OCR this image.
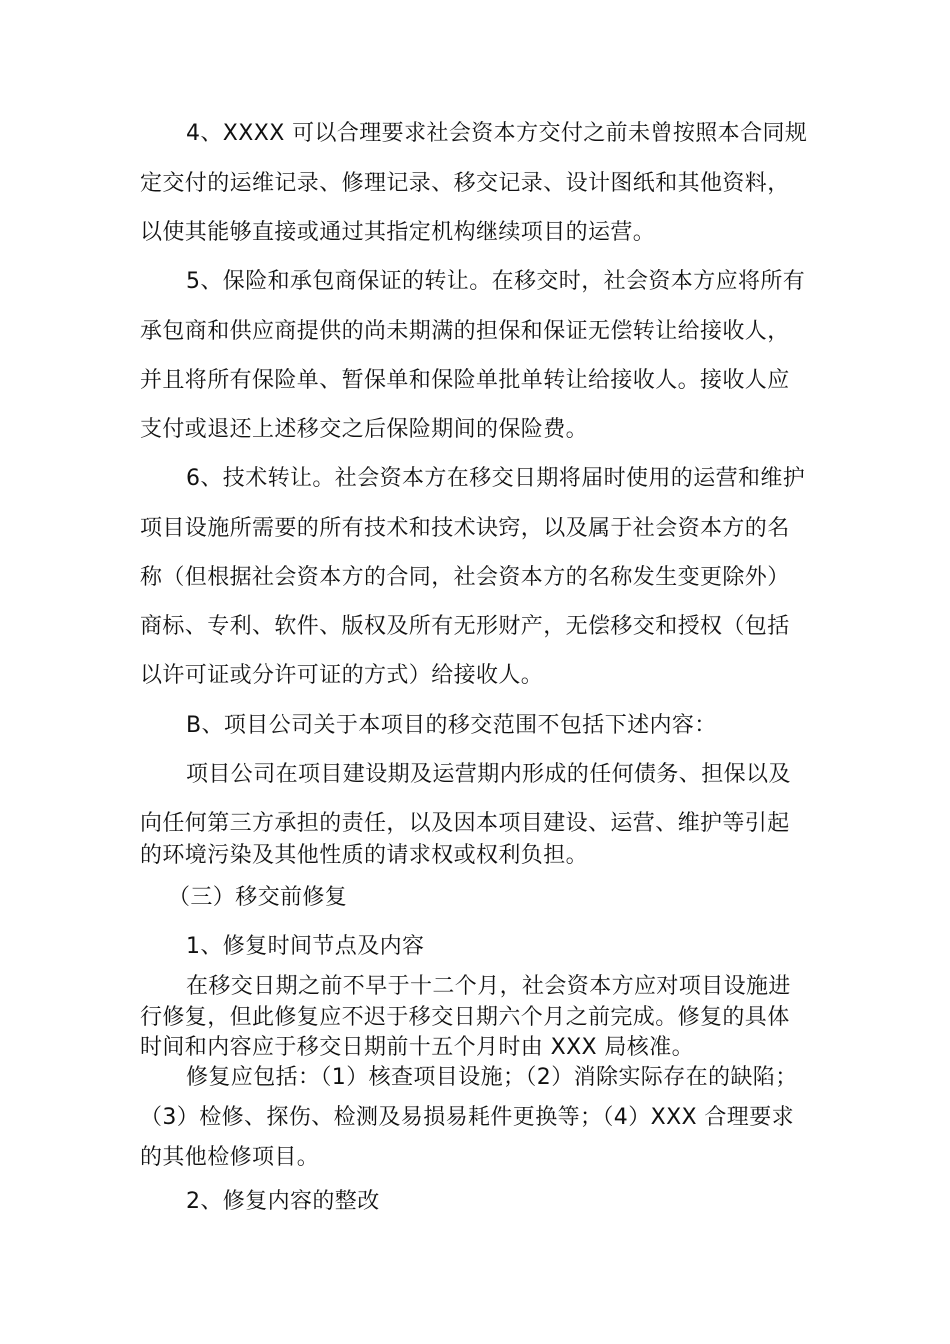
4、XXXX 可以合理要求社会资本方交付之前未曾按照本合同规
定交付的运维记录、修理记录、移交记录、设计图纸和其他资料，
以使其能够直接或通过其指定机构继续项目的运营。
5、保险和承包商保证的转让。在移交时，社会资本方应将所有
承包商和供应商提供的尚未期满的担保和保证无偿转让给接收人，
并且将所有保险单、暂保单和保险单批单转让给接收人。接收人应
支付或退还上述移交之后保险期间的保险费。
6、技术转让。社会资本方在移交日期将届时使用的运营和维护
项目设施所需要的所有技术和技术诀窍，以及属于社会资本方的名
称（但根据社会资本方的合同，社会资本方的名称发生变更除外）
商标、专利、软件、版权及所有无形财产，无偿移交和授权（包括
以许可证或分许可证的方式）给接收人。
B、项目公司关于本项目的移交范围不包括下述内容：
项目公司在项目建设期及运营期内形成的任何债务、担保以及
向任何第三方承担的责任，以及因本项目建设、运营、维护等引起
的环境污染及其他性质的请求权或权利负担。
（三）移交前修复
1、修复时间节点及内容
在移交日期之前不早于十二个月，社会资本方应对项目设施进
行修复，但此修复应不迟于移交日期六个月之前完成。修复的具体
时间和内容应于移交日期前十五个月时由 XXX 局核准。
修复应包括：（1）核查项目设施；（2）消除实际存在的缺陷；
（3）检修、探伤、检测及易损易耗件更换等；（4）XXX 合理要求
的其他检修项目。
2、修复内容的整改
